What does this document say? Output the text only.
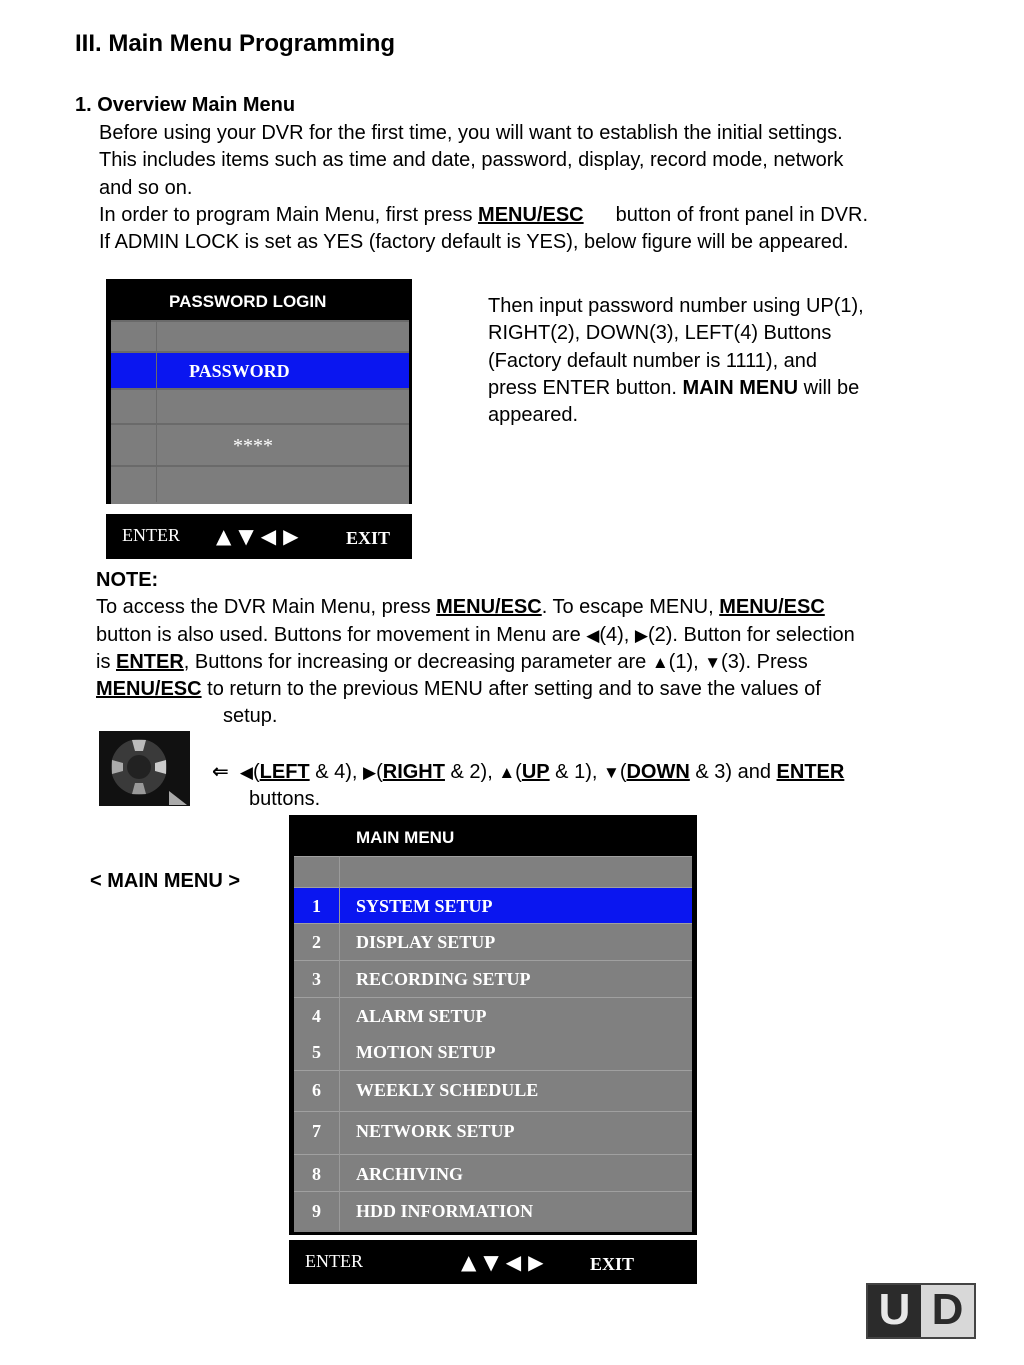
III. Main Menu Programming
1. Overview Main Menu

Before using your DVR for the first time, you will want to establish the initial settings.

This includes items such as time and date, password, display, record mode, network

and so on.

In order to program Main Menu, first press MENU/ESC button of front panel in DVR.

If ADMIN LOCK is set as YES (factory default is YES), below figure will be appeared.

PASSWORD LOGIN
PASSWORD
****
ENTER ▲▼◀▶ EXIT

Then input password number using UP(1),

RIGHT(2), DOWN(3), LEFT(4) Buttons

(Factory default number is 1111), and

press ENTER button. MAIN MENU will be

appeared.

NOTE:

To access the DVR Main Menu, press MENU/ESC. To escape MENU, MENU/ESC

button is also used. Buttons for movement in Menu are ◀(4), ▶(2). Button for selection

is ENTER, Buttons for increasing or decreasing parameter are ▲(1), ▼(3). Press

MENU/ESC to return to the previous MENU after setting and to save the values of

setup.

⇐ ◀(LEFT & 4), ▶(RIGHT & 2), ▲(UP & 1), ▼(DOWN & 3) and ENTER

buttons.

< MAIN MENU >
MAIN MENU
1 SYSTEM SETUP
2 DISPLAY SETUP
3 RECORDING SETUP
4 ALARM SETUP
5 MOTION SETUP
6 WEEKLY SCHEDULE
7 NETWORK SETUP
8 ARCHIVING
9 HDD INFORMATION
ENTER	▲▼◀▶ EXIT
U D
